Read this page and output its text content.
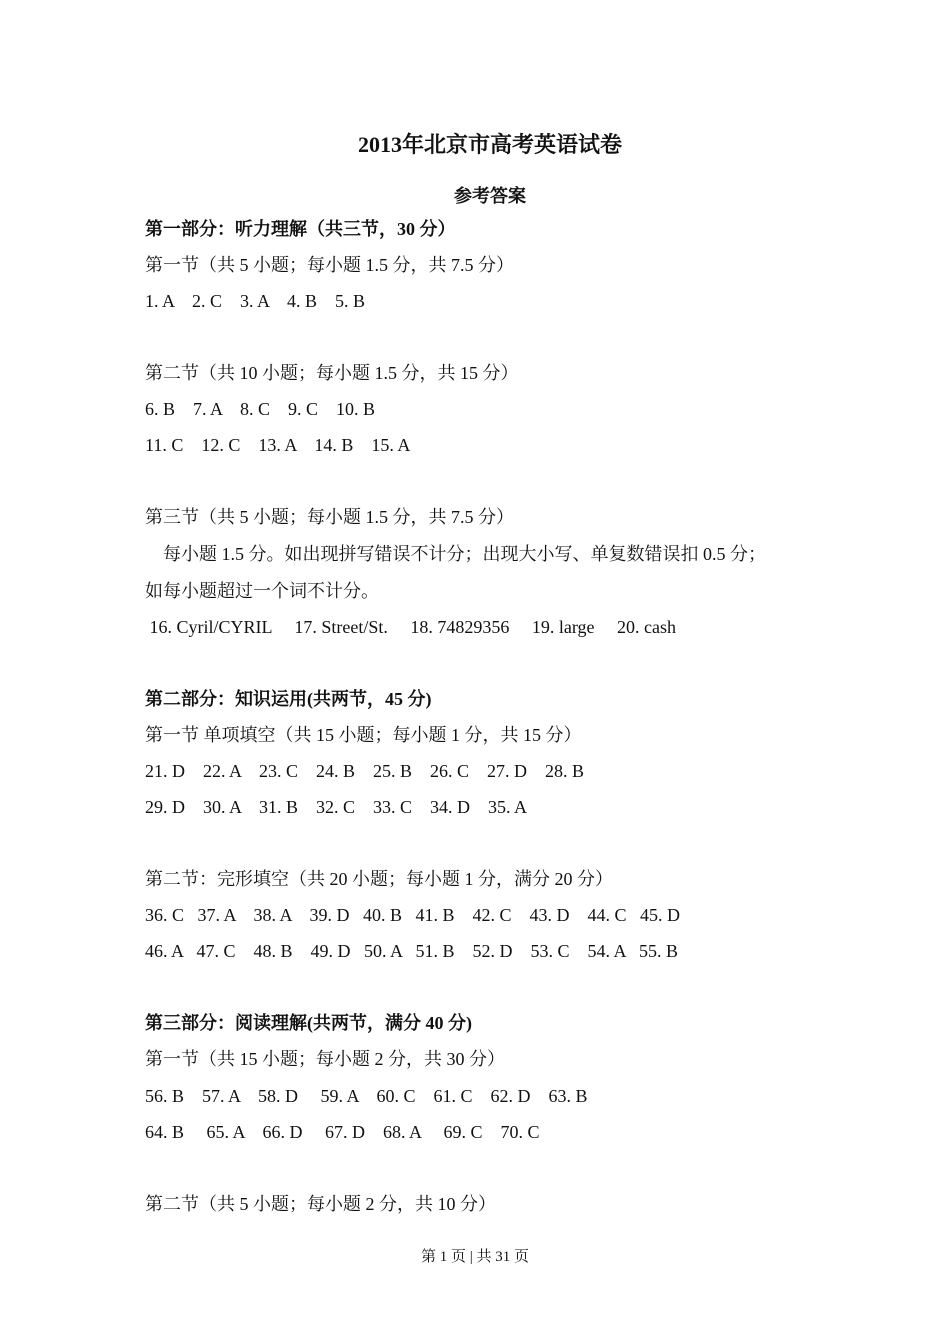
2013年北京市高考英语试卷
参考答案
第一部分：听力理解（共三节，30 分）
第一节（共 5 小题；每小题 1.5 分，共 7.5 分）
1. A    2. C    3. A    4. B    5. B
第二节（共 10 小题；每小题 1.5 分，共 15 分）
6. B    7. A    8. C    9. C    10. B
11. C    12. C    13. A    14. B    15. A
第三节（共 5 小题；每小题 1.5 分，共 7.5 分）
每小题 1.5 分。如出现拼写错误不计分；出现大小写、单复数错误扣 0.5 分；
如每小题超过一个词不计分。
16. Cyril/CYRIL     17. Street/St.     18. 74829356     19. large     20. cash
第二部分：知识运用(共两节，45 分)
第一节 单项填空（共 15 小题；每小题 1 分，共 15 分）
21. D    22. A    23. C    24. B    25. B    26. C    27. D    28. B
29. D    30. A    31. B    32. C    33. C    34. D    35. A
第二节：完形填空（共 20 小题；每小题 1 分，满分 20 分）
36. C   37. A    38. A    39. D   40. B   41. B    42. C    43. D    44. C   45. D
46. A   47. C    48. B    49. D   50. A   51. B    52. D    53. C    54. A   55. B
第三部分：阅读理解(共两节，满分 40 分)
第一节（共 15 小题；每小题 2 分，共 30 分）
56. B    57. A    58. D     59. A    60. C    61. C    62. D    63. B
64. B     65. A    66. D     67. D    68. A     69. C    70. C
第二节（共 5 小题；每小题 2 分，共 10 分）
第 1 页 | 共 31 页
